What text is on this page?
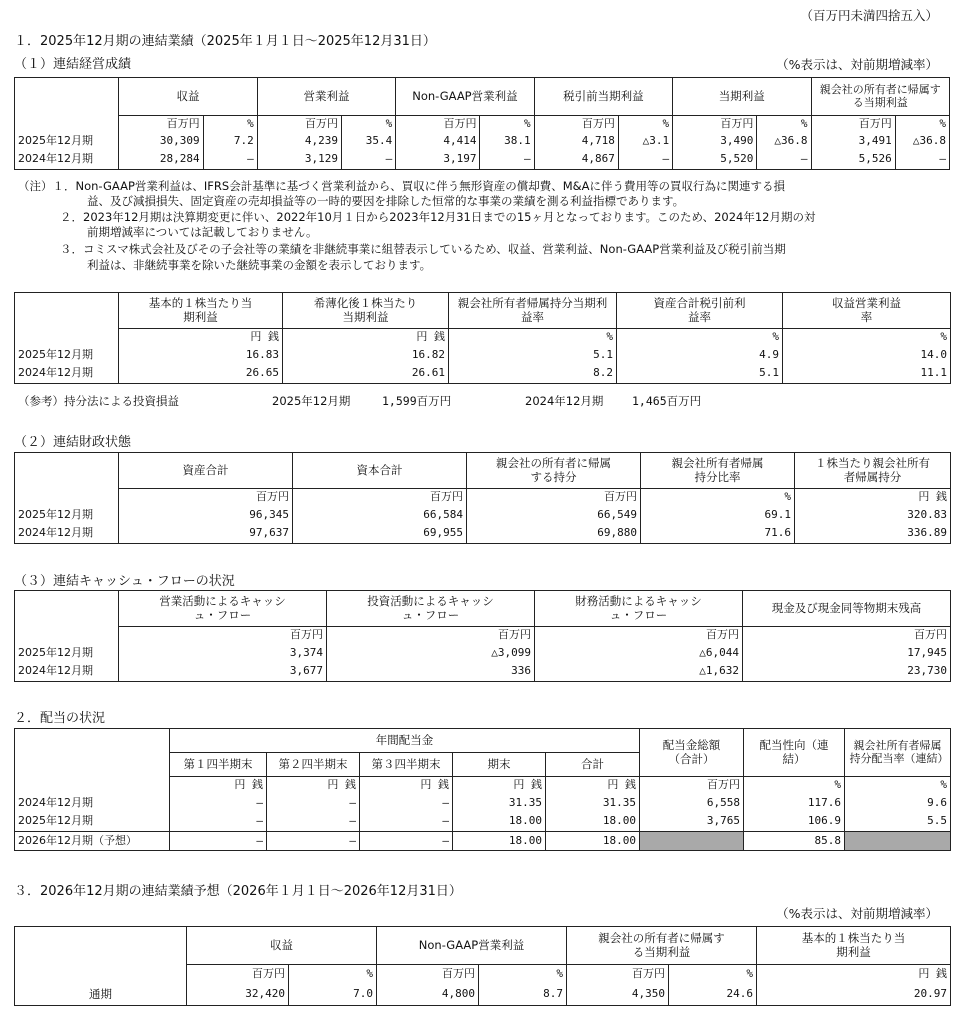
（百万円未満四捨五入）
１．2025年12月期の連結業績（2025年１月１日～2025年12月31日）
（１）連結経営成績	（%表示は、対前期増減率）
	収益		営業利益		Non-GAAP営業利益		税引前当期利益		当期利益		親会社の所有者に帰属する当期利益	
	百万円	%	百万円	%	百万円	%	百万円	%	百万円	%	百万円	%
2025年12月期	30,309	7.2	4,239	35.4	4,414	38.1	4,718	△3.1	3,490	△36.8	3,491	△36.8
2024年12月期	28,284	—	3,129	—	3,197	—	4,867	—	5,520	—	5,526	—
（注）１．Non-GAAP営業利益は、IFRS会計基準に基づく営業利益から、買収に伴う無形資産の償却費、M&Aに伴う費用等の買収行為に関連する損
益、及び減損損失、固定資産の売却損益等の一時的要因を排除した恒常的な事業の業績を測る利益指標であります。
２．2023年12月期は決算期変更に伴い、2022年10月１日から2023年12月31日までの15ヶ月となっております。このため、2024年12月期の対
前期増減率については記載しておりません。
３．コミスマ株式会社及びその子会社等の業績を非継続事業に組替表示しているため、収益、営業利益、Non-GAAP営業利益及び税引前当期
利益は、非継続事業を除いた継続事業の金額を表示しております。
	基本的１株当たり当期利益	希薄化後１株当たり当期利益	親会社所有者帰属持分当期利益率	資産合計税引前利益率	収益営業利益率
	円 銭	円 銭	%	%	%
2025年12月期	16.83	16.82	5.1	4.9	14.0
2024年12月期	26.65	26.61	8.2	5.1	11.1
（参考）持分法による投資損益	2025年12月期	1,599百万円	2024年12月期 1,465百万円
（２）連結財政状態
	資産合計	資本合計	親会社の所有者に帰属する持分	親会社所有者帰属持分比率	１株当たり親会社所有者帰属持分
	百万円	百万円	百万円	%	円 銭
2025年12月期	96,345	66,584	66,549	69.1	320.83
2024年12月期	97,637	69,955	69,880	71.6	336.89
（３）連結キャッシュ・フローの状況
	営業活動によるキャッシュ・フロー	投資活動によるキャッシュ・フロー	財務活動によるキャッシュ・フロー	現金及び現金同等物期末残高
	百万円	百万円	百万円	百万円
2025年12月期	3,374	△3,099	△6,044	17,945
2024年12月期	3,677	336	△1,632	23,730
２．配当の状況
	年間配当金					配当金総額（合計）	配当性向（連結）	親会社所有者帰属持分配当率（連結）
	第１四半期末	第２四半期末	第３四半期末	期末	合計			
	円 銭	円 銭	円 銭	円 銭	円 銭	百万円	%	%
2024年12月期	—	—	—	31.35	31.35	6,558	117.6	9.6
2025年12月期	—	—	—	18.00	18.00	3,765	106.9	5.5
2026年12月期（予想）	—	—	—	18.00	18.00		85.8	
３．2026年12月期の連結業績予想（2026年１月１日～2026年12月31日）
（%表示は、対前期増減率）
	収益		Non-GAAP営業利益		親会社の所有者に帰属する当期利益		基本的１株当たり当期利益
	百万円	%	百万円	%	百万円	%	円 銭
通期	32,420	7.0	4,800	8.7	4,350	24.6	20.97
